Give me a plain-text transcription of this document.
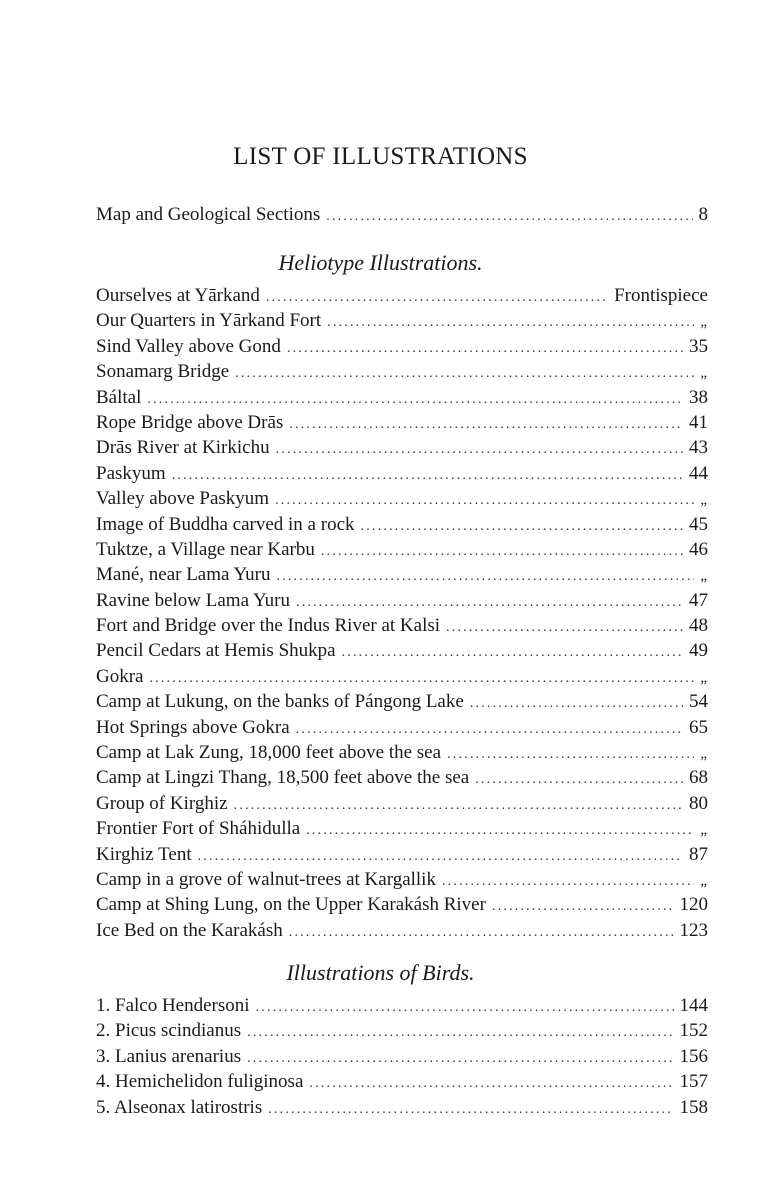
LIST OF ILLUSTRATIONS
Map and Geological Sections .....	8
Heliotype Illustrations.
Ourselves at Yārkand .....	Frontispiece
Our Quarters in Yārkand Fort .....	„
Sind Valley above Gond .....	35
Sonamarg Bridge .....	„
Báltal .....	38
Rope Bridge above Drās .....	41
Drās River at Kirkichu .....	43
Paskyum .....	44
Valley above Paskyum .....	„
Image of Buddha carved in a rock .....	45
Tuktze, a Village near Karbu .....	46
Mané, near Lama Yuru .....	„
Ravine below Lama Yuru .....	47
Fort and Bridge over the Indus River at Kalsi .....	48
Pencil Cedars at Hemis Shukpa .....	49
Gokra .....	„
Camp at Lukung, on the banks of Pángong Lake .....	54
Hot Springs above Gokra .....	65
Camp at Lak Zung, 18,000 feet above the sea .....	„
Camp at Lingzi Thang, 18,500 feet above the sea .....	68
Group of Kirghiz .....	80
Frontier Fort of Sháhidulla .....	„
Kirghiz Tent .....	87
Camp in a grove of walnut-trees at Kargallik .....	„
Camp at Shing Lung, on the Upper Karakásh River .....	120
Ice Bed on the Karakásh .....	123
Illustrations of Birds.
1. Falco Hendersoni .....	144
2. Picus scindianus .....	152
3. Lanius arenarius .....	156
4. Hemichelidon fuliginosa .....	157
5. Alseonax latirostris .....	158
